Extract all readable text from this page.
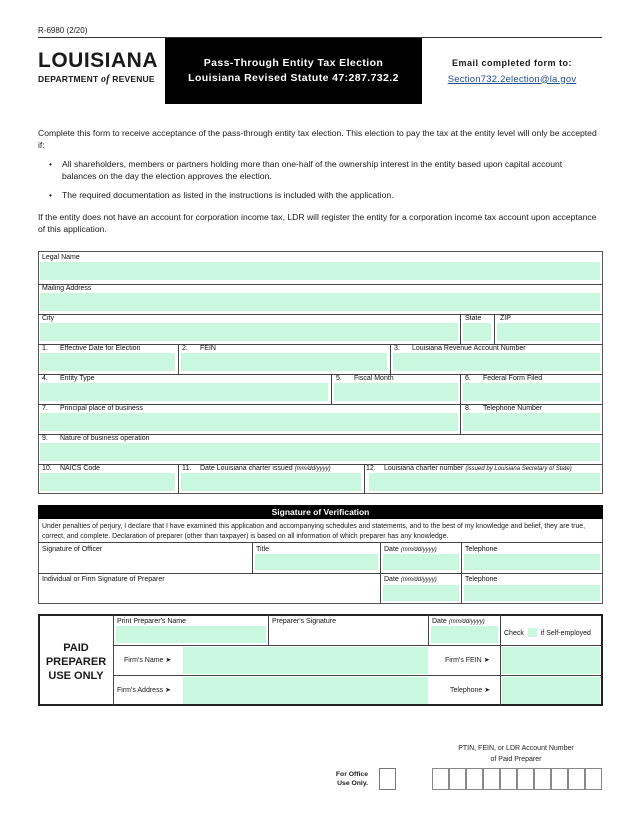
R-6980 (2/20)
LOUISIANA
DEPARTMENT of REVENUE
Pass-Through Entity Tax Election
Louisiana Revised Statute 47:287.732.2
Email completed form to:
Section732.2election@la.gov
Complete this form to receive acceptance of the pass-through entity tax election. This election to pay the tax at the entity level will only be accepted if:
• All shareholders, members or partners holding more than one-half of the ownership interest in the entity based upon capital account balances on the day the election approves the election.
• The required documentation as listed in the instructions is included with the application.
If the entity does not have an account for corporation income tax, LDR will register the entity for a corporation income tax account upon acceptance of this application.
Legal Name
Mailing Address
City	State	ZIP
1. Effective Date for Election	2. FEIN	3. Louisiana Revenue Account Number
4. Entity Type	5. Fiscal Month	6. Federal Form Filed
7. Principal place of business	8. Telephone Number
9. Nature of business operation
10. NAICS Code	11. Date Louisiana charter issued (mm/dd/yyyy)	12. Louisiana charter number (issued by Louisiana Secretary of State)
Signature of Verification
Under penalties of perjury, I declare that I have examined this application and accompanying schedules and statements, and to the best of my knowledge and belief, they are true, correct, and complete. Declaration of preparer (other than taxpayer) is based on all information of which preparer has any knowledge.
Signature of Officer	Title	Date (mm/dd/yyyy)	Telephone
Individual or Firm Signature of Preparer	Date (mm/dd/yyyy)	Telephone
PAID
PREPARER
USE ONLY
Print Preparer's Name	Preparer's Signature	Date (mm/dd/yyyy)
Check if Self-employed
Firm's Name ➤	Firm's FEIN ➤
Firm's Address ➤	Telephone ➤
PTIN, FEIN, or LDR Account Number
of Paid Preparer
For Office
Use Only.
